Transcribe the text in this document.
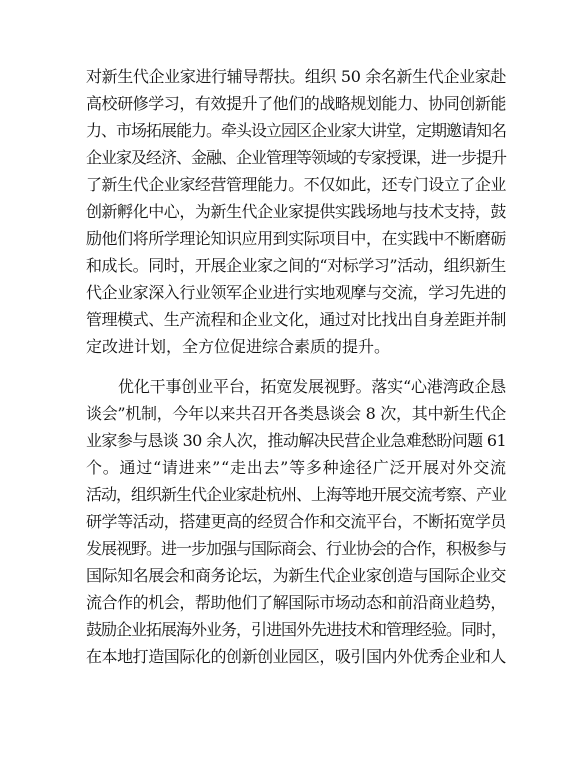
对新生代企业家进行辅导帮扶。组织 50 余名新生代企业家赴
高校研修学习，有效提升了他们的战略规划能力、协同创新能
力、市场拓展能力。牵头设立园区企业家大讲堂，定期邀请知名
企业家及经济、金融、企业管理等领域的专家授课，进一步提升
了新生代企业家经营管理能力。不仅如此，还专门设立了企业
创新孵化中心，为新生代企业家提供实践场地与技术支持，鼓
励他们将所学理论知识应用到实际项目中，在实践中不断磨砺
和成长。同时，开展企业家之间的“对标学习”活动，组织新生
代企业家深入行业领军企业进行实地观摩与交流，学习先进的
管理模式、生产流程和企业文化，通过对比找出自身差距并制
定改进计划，全方位促进综合素质的提升。
优化干事创业平台，拓宽发展视野。落实“心港湾政企恳
谈会”机制，今年以来共召开各类恳谈会 8 次，其中新生代企
业家参与恳谈 30 余人次，推动解决民营企业急难愁盼问题 61
个。通过“请进来”“走出去”等多种途径广泛开展对外交流
活动，组织新生代企业家赴杭州、上海等地开展交流考察、产业
研学等活动，搭建更高的经贸合作和交流平台，不断拓宽学员
发展视野。进一步加强与国际商会、行业协会的合作，积极参与
国际知名展会和商务论坛，为新生代企业家创造与国际企业交
流合作的机会，帮助他们了解国际市场动态和前沿商业趋势，
鼓励企业拓展海外业务，引进国外先进技术和管理经验。同时，
在本地打造国际化的创新创业园区，吸引国内外优秀企业和人
